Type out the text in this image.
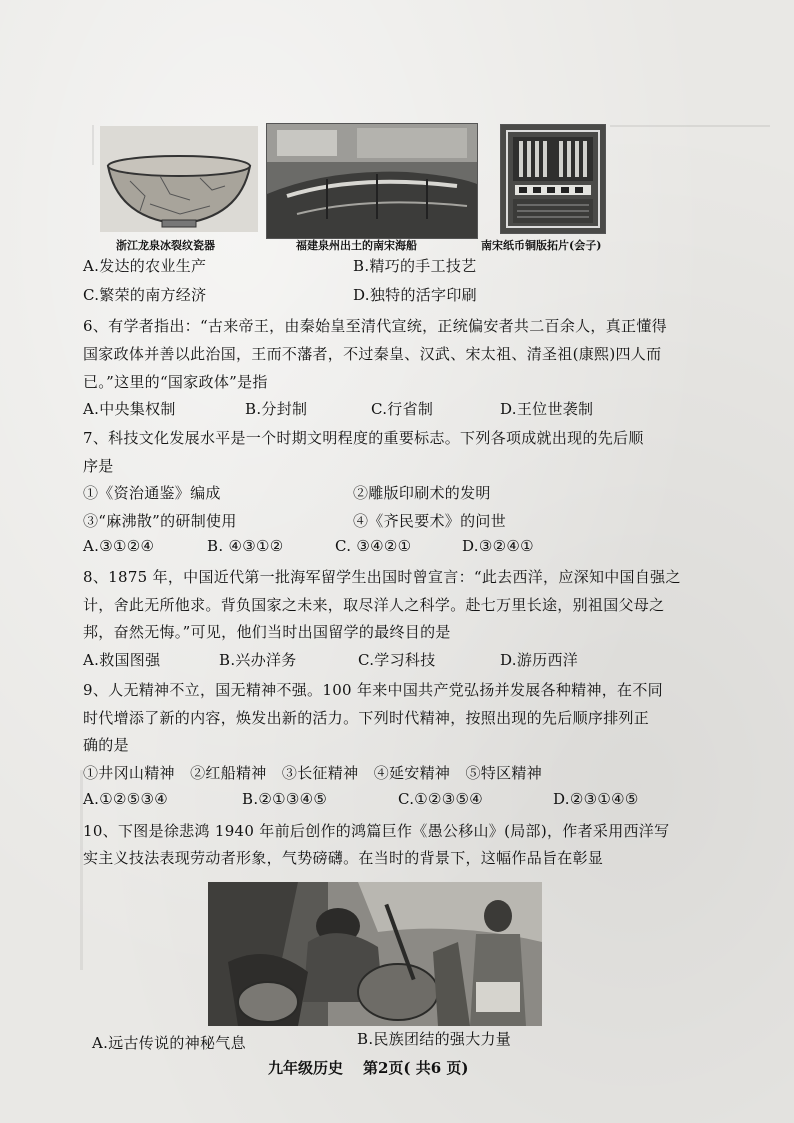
浙江龙泉冰裂纹瓷器	福建泉州出土的南宋海船	南宋纸币铜版拓片(会子)
A.发达的农业生产	B.精巧的手工技艺
C.繁荣的南方经济	D.独特的活字印刷
6、有学者指出：“古来帝王，由秦始皇至清代宣统，正统偏安者共二百余人，真正懂得
国家政体并善以此治国，王而不藩者，不过秦皇、汉武、宋太祖、清圣祖(康熙)四人而
已。”这里的“国家政体”是指
A.中央集权制	B.分封制	C.行省制	D.王位世袭制
7、科技文化发展水平是一个时期文明程度的重要标志。下列各项成就出现的先后顺
序是
①《资治通鉴》编成	②雕版印刷术的发明
③“麻沸散”的研制使用	④《齐民要术》的问世
A.③①②④	B. ④③①②	C. ③④②①	D.③②④①
8、1875 年，中国近代第一批海军留学生出国时曾宣言：“此去西洋，应深知中国自强之
计，舍此无所他求。背负国家之未来，取尽洋人之科学。赴七万里长途，别祖国父母之
邦，奋然无悔。”可见，他们当时出国留学的最终目的是
A.救国图强	B.兴办洋务	C.学习科技	D.游历西洋
9、人无精神不立，国无精神不强。100 年来中国共产党弘扬并发展各种精神，在不同
时代增添了新的内容，焕发出新的活力。下列时代精神，按照出现的先后顺序排列正
确的是
①井冈山精神　②红船精神　③长征精神　④延安精神　⑤特区精神
A.①②⑤③④	B.②①③④⑤	C.①②③⑤④	D.②③①④⑤
10、下图是徐悲鸿 1940 年前后创作的鸿篇巨作《愚公移山》(局部)，作者采用西洋写
实主义技法表现劳动者形象，气势磅礴。在当时的背景下，这幅作品旨在彰显
A.远古传说的神秘气息	B.民族团结的强大力量
九年级历史 第2页( 共6 页)
